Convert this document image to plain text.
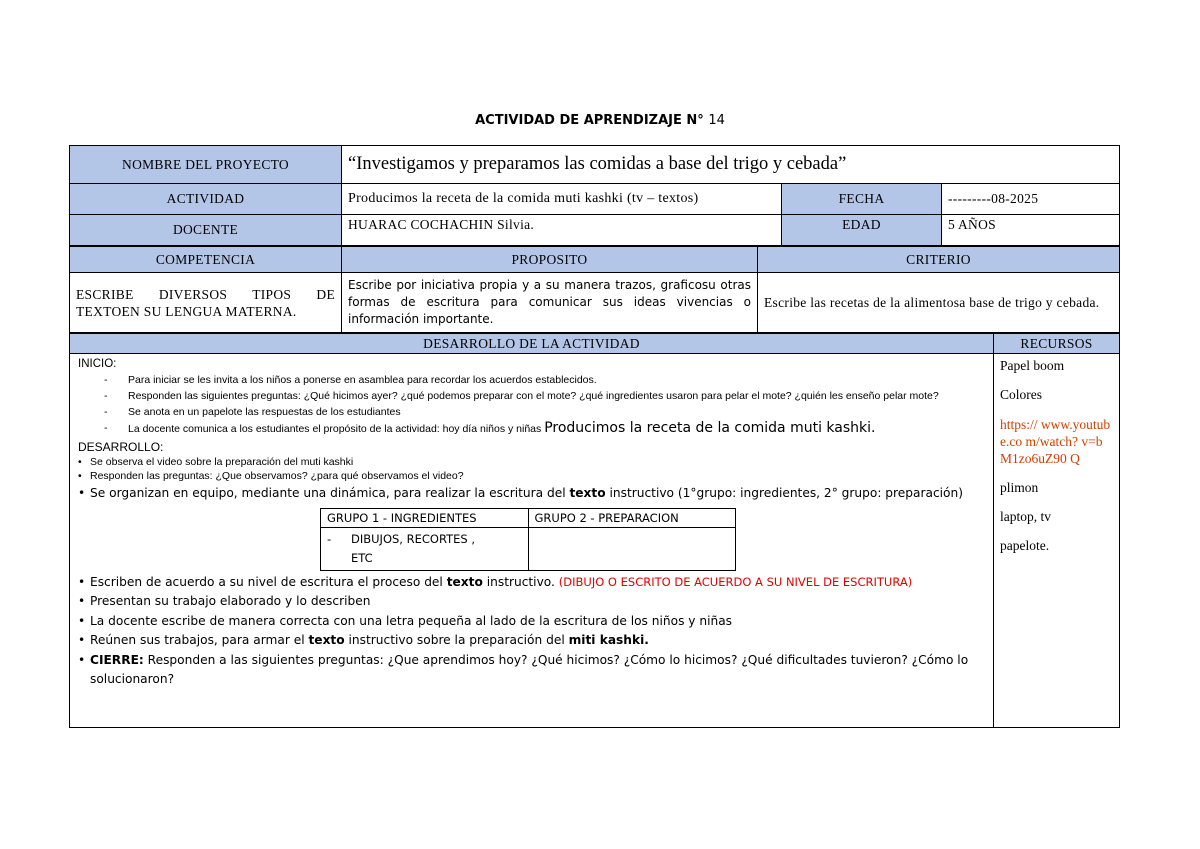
ACTIVIDAD DE APRENDIZAJE N° 14
NOMBRE DEL PROYECTO	“Investigamos y preparamos las comidas a base del trigo y cebada”		
ACTIVIDAD	Producimos la receta de la comida muti kashki (tv – textos)	FECHA	---------08-2025
DOCENTE	HUARAC COCHACHIN Silvia.	EDAD	5 AÑOS
COMPETENCIA	PROPOSITO	CRITERIO
ESCRIBE DIVERSOS TIPOS DE TEXTOEN SU LENGUA MATERNA.	Escribe por iniciativa propia y a su manera trazos, graficosu otras formas de escritura para comunicar sus ideas vivencias o información importante.	Escribe las recetas de la alimentosa base de trigo y cebada.
DESARROLLO DE LA ACTIVIDAD	RECURSOS

INICIO:
-	Para iniciar se les invita a los niños a ponerse en asamblea para recordar los acuerdos establecidos.
-	Responden las siguientes preguntas: ¿Qué hicimos ayer? ¿qué podemos preparar con el mote? ¿qué ingredientes usaron para pelar el mote? ¿quién les enseño pelar mote?
-	Se anota en un papelote las respuestas de los estudiantes
-	La docente comunica a los estudiantes el propósito de la actividad: hoy día niños y niñas Producimos la receta de la comida muti kashki.
DESARROLLO:
• Se observa el video sobre la preparación del muti kashki
• Responden las preguntas: ¿Que observamos? ¿para qué observamos el video?
• Se organizan en equipo, mediante una dinámica, para realizar la escritura del texto instructivo (1°grupo: ingredientes, 2° grupo: preparación)
GRUPO 1 - INGREDIENTES	GRUPO 2 - PREPARACION

-	DIBUJOS, RECORTES ,
ETC

• Escriben de acuerdo a su nivel de escritura el proceso del texto instructivo. (DIBUJO O ESCRITO DE ACUERDO A SU NIVEL DE ESCRITURA)
• Presentan su trabajo elaborado y lo describen
• La docente escribe de manera correcta con una letra pequeña al lado de la escritura de los niños y niñas
• Reúnen sus trabajos, para armar el texto instructivo sobre la preparación del miti kashki.
• CIERRE: Responden a las siguientes preguntas: ¿Que aprendimos hoy? ¿Qué hicimos? ¿Cómo lo hicimos? ¿Qué dificultades tuvieron? ¿Cómo lo solucionaron?

Papel boom
Colores
https:// www.youtube.co m/watch? v=bM1zo6uZ90 Q
plimon
laptop, tv
papelote.
